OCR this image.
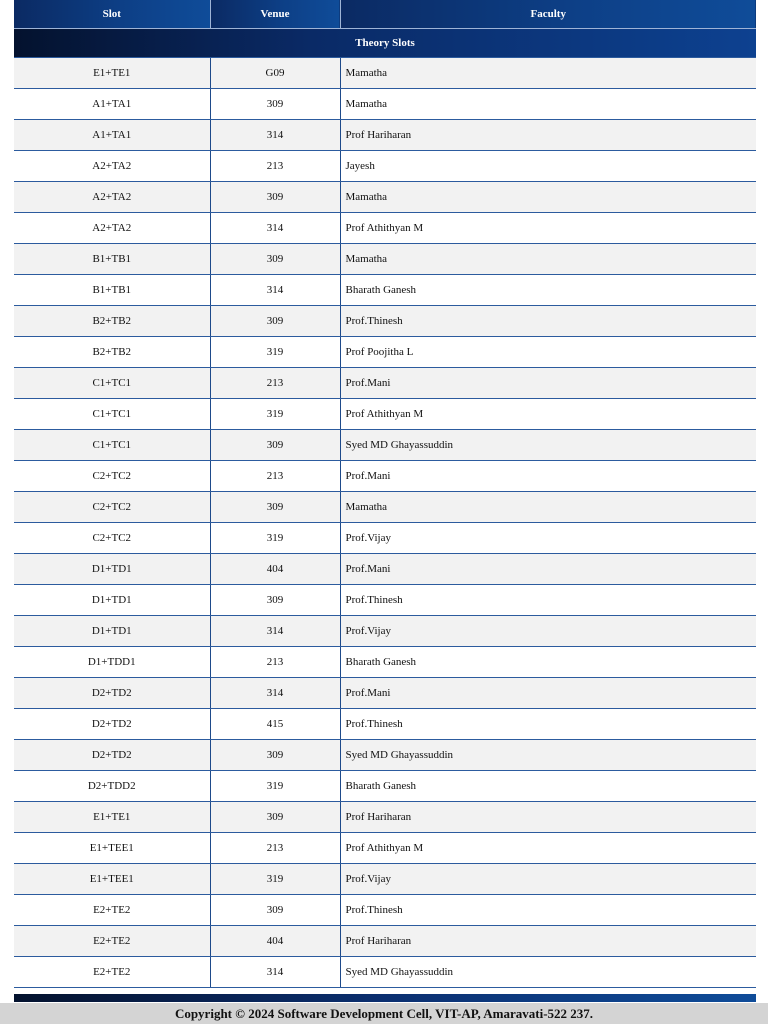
Slot	Venue	Faculty
Theory Slots		
E1+TE1	G09	Mamatha
A1+TA1	309	Mamatha
A1+TA1	314	Prof Hariharan
A2+TA2	213	Jayesh
A2+TA2	309	Mamatha
A2+TA2	314	Prof Athithyan M
B1+TB1	309	Mamatha
B1+TB1	314	Bharath Ganesh
B2+TB2	309	Prof.Thinesh
B2+TB2	319	Prof Poojitha L
C1+TC1	213	Prof.Mani
C1+TC1	319	Prof Athithyan M
C1+TC1	309	Syed MD Ghayassuddin
C2+TC2	213	Prof.Mani
C2+TC2	309	Mamatha
C2+TC2	319	Prof.Vijay
D1+TD1	404	Prof.Mani
D1+TD1	309	Prof.Thinesh
D1+TD1	314	Prof.Vijay
D1+TDD1	213	Bharath Ganesh
D2+TD2	314	Prof.Mani
D2+TD2	415	Prof.Thinesh
D2+TD2	309	Syed MD Ghayassuddin
D2+TDD2	319	Bharath Ganesh
E1+TE1	309	Prof Hariharan
E1+TEE1	213	Prof Athithyan M
E1+TEE1	319	Prof.Vijay
E2+TE2	309	Prof.Thinesh
E2+TE2	404	Prof Hariharan
E2+TE2	314	Syed MD Ghayassuddin
Copyright © 2024 Software Development Cell, VIT-AP, Amaravati-522 237.
